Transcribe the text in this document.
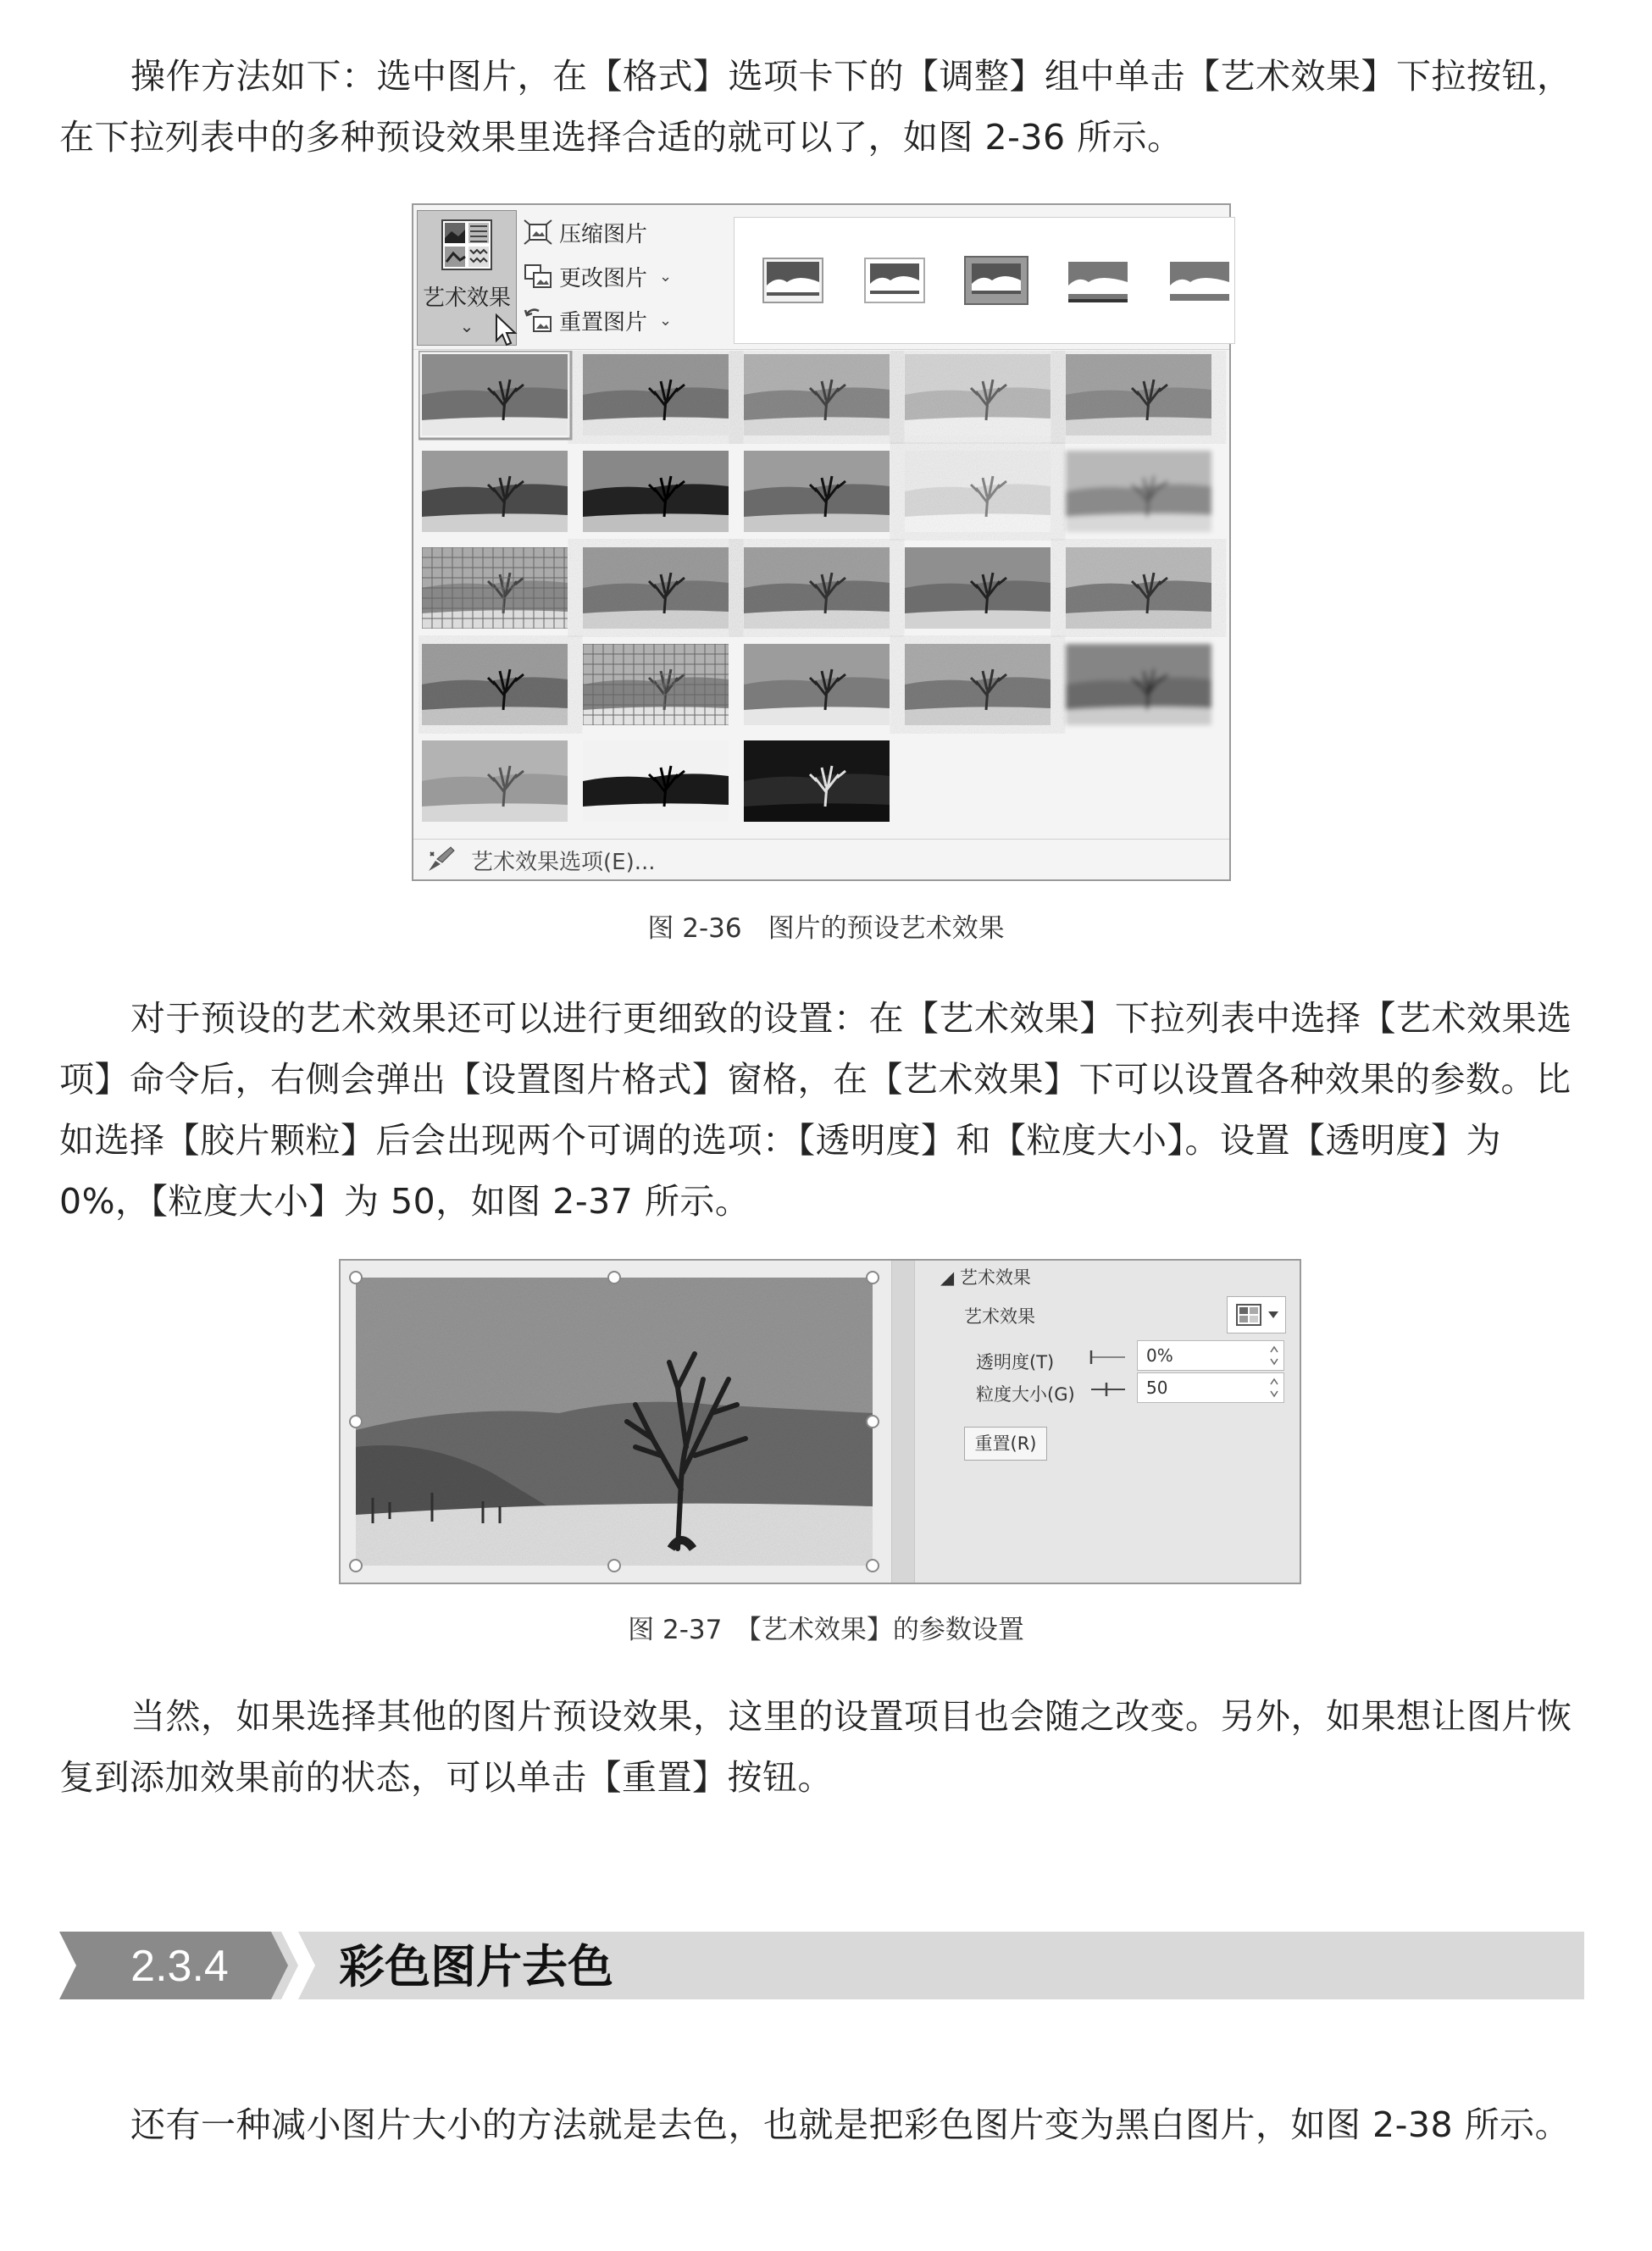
操作方法如下：选中图片，在【格式】选项卡下的【调整】组中单击【艺术效果】下拉按钮，在下拉列表中的多种预设效果里选择合适的就可以了，如图 2-36 所示。

艺术效果
⌄
压缩图片
更改图片 ⌄
重置图片 ⌄
艺术效果选项(E)...
图 2-36　图片的预设艺术效果

对于预设的艺术效果还可以进行更细致的设置：在【艺术效果】下拉列表中选择【艺术效果选项】命令后，右侧会弹出【设置图片格式】窗格，在【艺术效果】下可以设置各种效果的参数。比如选择【胶片颗粒】后会出现两个可调的选项：【透明度】和【粒度大小】。设置【透明度】为 0%，【粒度大小】为 50，如图 2-37 所示。

◢ 艺术效果
艺术效果
透明度(T)	0%
粒度大小(G)	50
重置(R)
图 2-37　【艺术效果】的参数设置

当然，如果选择其他的图片预设效果，这里的设置项目也会随之改变。另外，如果想让图片恢复到添加效果前的状态，可以单击【重置】按钮。

2.3.4 彩色图片去色

还有一种减小图片大小的方法就是去色，也就是把彩色图片变为黑白图片，如图 2-38 所示。
